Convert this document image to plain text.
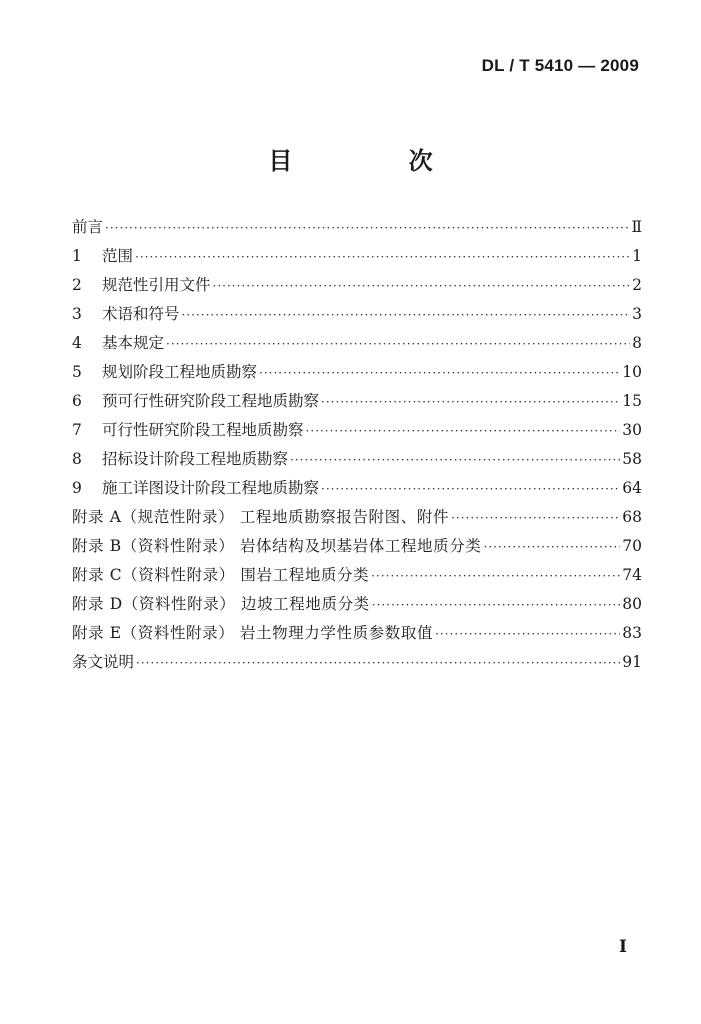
DL / T 5410 — 2009
目 次
前言 ·····	Ⅱ
1	范围 ·····	1
2	规范性引用文件 ·····	2
3	术语和符号 ·····	3
4	基本规定 ·····	8
5	规划阶段工程地质勘察 ·····	10
6	预可行性研究阶段工程地质勘察 ·····	15
7	可行性研究阶段工程地质勘察 ·····	30
8	招标设计阶段工程地质勘察 ·····	58
9	施工详图设计阶段工程地质勘察 ·····	64
附录 A（规范性附录） 工程地质勘察报告附图、附件 ·····	68
附录 B（资料性附录） 岩体结构及坝基岩体工程地质分类 ·····	70
附录 C（资料性附录） 围岩工程地质分类 ·····	74
附录 D（资料性附录） 边坡工程地质分类 ·····	80
附录 E（资料性附录） 岩土物理力学性质参数取值 ·····	83
条文说明 ·····	91
I
